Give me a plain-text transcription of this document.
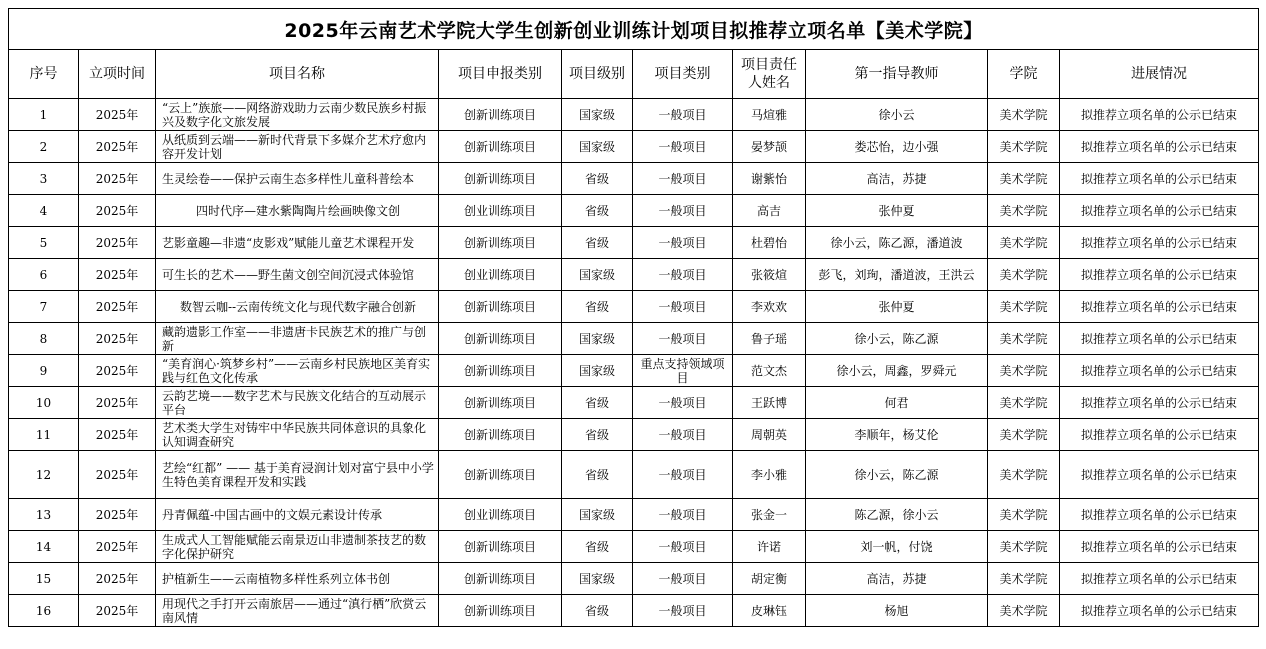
2025年云南艺术学院大学生创新创业训练计划项目拟推荐立项名单【美术学院】									
序号	立项时间	项目名称	项目申报类别	项目级别	项目类别	项目责任人姓名	第一指导教师	学院	进展情况
1	2025年	“云上”族旅——网络游戏助力云南少数民族乡村振兴及数字化文旅发展	创新训练项目	国家级	一般项目	马煊雅	徐小云	美术学院	拟推荐立项名单的公示已结束
2	2025年	从纸质到云端——新时代背景下多媒介艺术疗愈内容开发计划	创新训练项目	国家级	一般项目	晏梦颉	娄芯怡，边小强	美术学院	拟推荐立项名单的公示已结束
3	2025年	生灵绘卷——保护云南生态多样性儿童科普绘本	创新训练项目	省级	一般项目	谢紫怡	高洁，苏捷	美术学院	拟推荐立项名单的公示已结束
4	2025年	四时代序—建水紫陶陶片绘画映像文创	创业训练项目	省级	一般项目	高吉	张仲夏	美术学院	拟推荐立项名单的公示已结束
5	2025年	艺影童趣—非遗“皮影戏”赋能儿童艺术课程开发	创新训练项目	省级	一般项目	杜碧怡	徐小云，陈乙源，潘道波	美术学院	拟推荐立项名单的公示已结束
6	2025年	可生长的艺术——野生菌文创空间沉浸式体验馆	创业训练项目	国家级	一般项目	张筱煊	彭飞，刘珣，潘道波，王洪云	美术学院	拟推荐立项名单的公示已结束
7	2025年	数智云咖--云南传统文化与现代数字融合创新	创新训练项目	省级	一般项目	李欢欢	张仲夏	美术学院	拟推荐立项名单的公示已结束
8	2025年	藏韵遗影工作室——非遗唐卡民族艺术的推广与创新	创新训练项目	国家级	一般项目	鲁子瑶	徐小云，陈乙源	美术学院	拟推荐立项名单的公示已结束
9	2025年	“美育润心·筑梦乡村”——云南乡村民族地区美育实践与红色文化传承	创新训练项目	国家级	重点支持领域项目	范文杰	徐小云，周鑫，罗舜元	美术学院	拟推荐立项名单的公示已结束
10	2025年	云韵艺境——数字艺术与民族文化结合的互动展示平台	创新训练项目	省级	一般项目	王跃博	何君	美术学院	拟推荐立项名单的公示已结束
11	2025年	艺术类大学生对铸牢中华民族共同体意识的具象化认知调查研究	创新训练项目	省级	一般项目	周朝英	李顺年，杨艾伦	美术学院	拟推荐立项名单的公示已结束
12	2025年	艺绘“红都” —— 基于美育浸润计划对富宁县中小学生特色美育课程开发和实践	创新训练项目	省级	一般项目	李小雅	徐小云，陈乙源	美术学院	拟推荐立项名单的公示已结束
13	2025年	丹青佩蕴-中国古画中的文娱元素设计传承	创业训练项目	国家级	一般项目	张金一	陈乙源，徐小云	美术学院	拟推荐立项名单的公示已结束
14	2025年	生成式人工智能赋能云南景迈山非遗制茶技艺的数字化保护研究	创新训练项目	省级	一般项目	许诺	刘一帆，付饶	美术学院	拟推荐立项名单的公示已结束
15	2025年	护植新生——云南植物多样性系列立体书创	创新训练项目	国家级	一般项目	胡定衡	高洁，苏捷	美术学院	拟推荐立项名单的公示已结束
16	2025年	用现代之手打开云南旅居——通过“滇行栖”欣赏云南风情	创新训练项目	省级	一般项目	皮琳钰	杨旭	美术学院	拟推荐立项名单的公示已结束
